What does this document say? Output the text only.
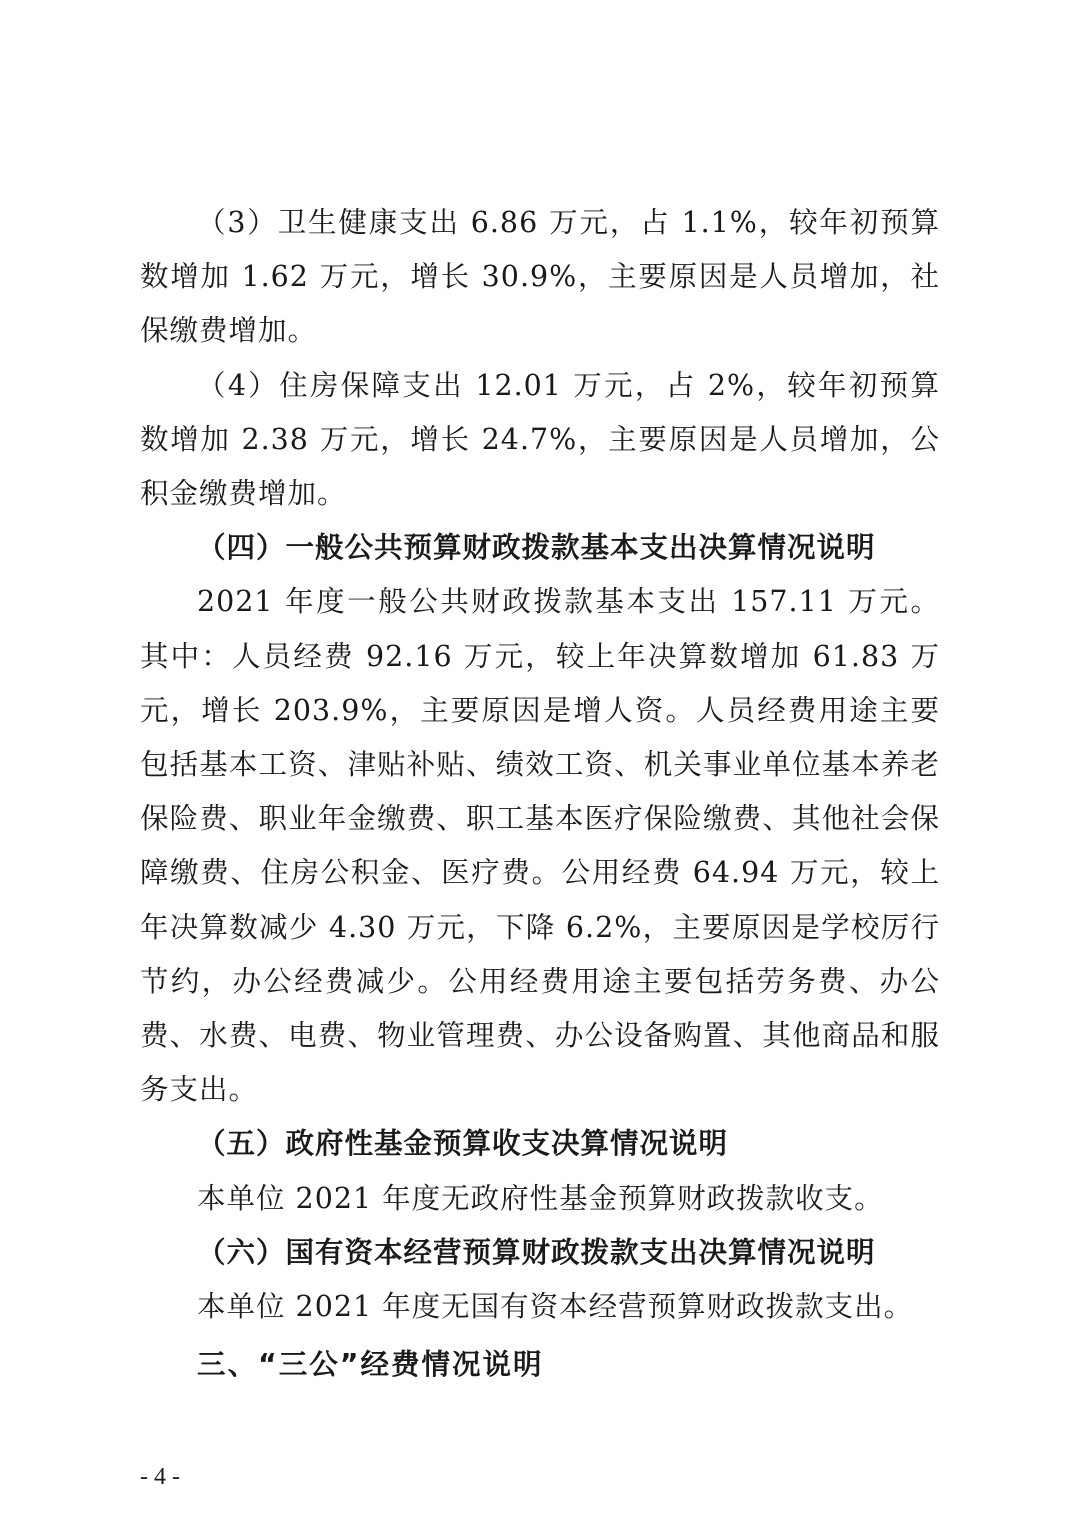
（3）卫生健康支出 6.86 万元，占 1.1%，较年初预算数增加 1.62 万元，增长 30.9%，主要原因是人员增加，社保缴费增加。

（4）住房保障支出 12.01 万元，占 2%，较年初预算数增加 2.38 万元，增长 24.7%，主要原因是人员增加，公积金缴费增加。

（四）一般公共预算财政拨款基本支出决算情况说明

2021 年度一般公共财政拨款基本支出 157.11 万元。其中：人员经费 92.16 万元，较上年决算数增加 61.83 万元，增长 203.9%，主要原因是增人资。人员经费用途主要包括基本工资、津贴补贴、绩效工资、机关事业单位基本养老保险费、职业年金缴费、职工基本医疗保险缴费、其他社会保障缴费、住房公积金、医疗费。公用经费 64.94 万元，较上年决算数减少 4.30 万元，下降 6.2%，主要原因是学校厉行节约，办公经费减少。公用经费用途主要包括劳务费、办公费、水费、电费、物业管理费、办公设备购置、其他商品和服务支出。

（五）政府性基金预算收支决算情况说明

本单位 2021 年度无政府性基金预算财政拨款收支。

（六）国有资本经营预算财政拨款支出决算情况说明

本单位 2021 年度无国有资本经营预算财政拨款支出。

三、“三公”经费情况说明

- 4 -
